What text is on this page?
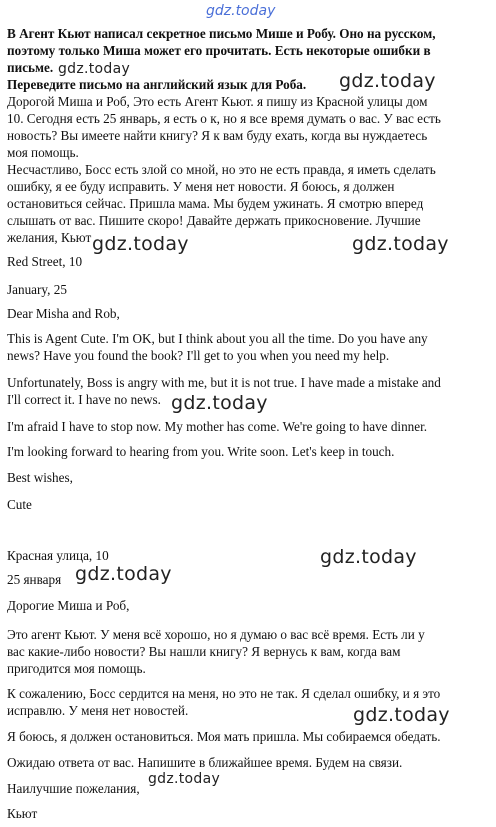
gdz.today
В Агент Кьют написал секретное письмо Мише и Робу. Оно на русском,
поэтому только Миша может его прочитать. Есть некоторые ошибки в
письме. gdz.today
gdz.today
Переведите письмо на английский язык для Роба.
Дорогой Миша и Роб, Это есть Агент Кьют. я пишу из Красной улицы дом
10. Сегодня есть 25 январь, я есть о к, но я все время думать о вас. У вас есть
новость? Вы имеете найти книгу? Я к вам буду ехать, когда вы нуждаетесь
моя помощь.
Несчастливо, Босс есть злой со мной, но это не есть правда, я иметь сделать
ошибку, я ее буду исправить. У меня нет новости. Я боюсь, я должен
остановиться сейчас. Пришла мама. Мы будем ужинать. Я смотрю вперед
слышать от вас. Пишите скоро! Давайте держать прикосновение. Лучшие
желания, Кьют gdz.today	gdz.today
Red Street, 10
January, 25
Dear Misha and Rob,
This is Agent Cute. I'm OK, but I think about you all the time. Do you have any
news? Have you found the book? I'll get to you when you need my help.
Unfortunately, Boss is angry with me, but it is not true. I have made a mistake and
I'll correct it. I have no news. gdz.today
I'm afraid I have to stop now. My mother has come. We're going to have dinner.
I'm looking forward to hearing from you. Write soon. Let's keep in touch.
Best wishes,
Cute
gdz.today
Красная улица, 10
25 января gdz.today
Дорогие Миша и Роб,
Это агент Кьют. У меня всё хорошо, но я думаю о вас всё время. Есть ли у
вас какие-либо новости? Вы нашли книгу? Я вернусь к вам, когда вам
пригодится моя помощь.
К сожалению, Босс сердится на меня, но это не так. Я сделал ошибку, и я это
исправлю. У меня нет новостей.	gdz.today
Я боюсь, я должен остановиться. Моя мать пришла. Мы собираемся обедать.
Ожидаю ответа от вас. Напишите в ближайшее время. Будем на связи.
gdz.today
Наилучшие пожелания,
Кьют
